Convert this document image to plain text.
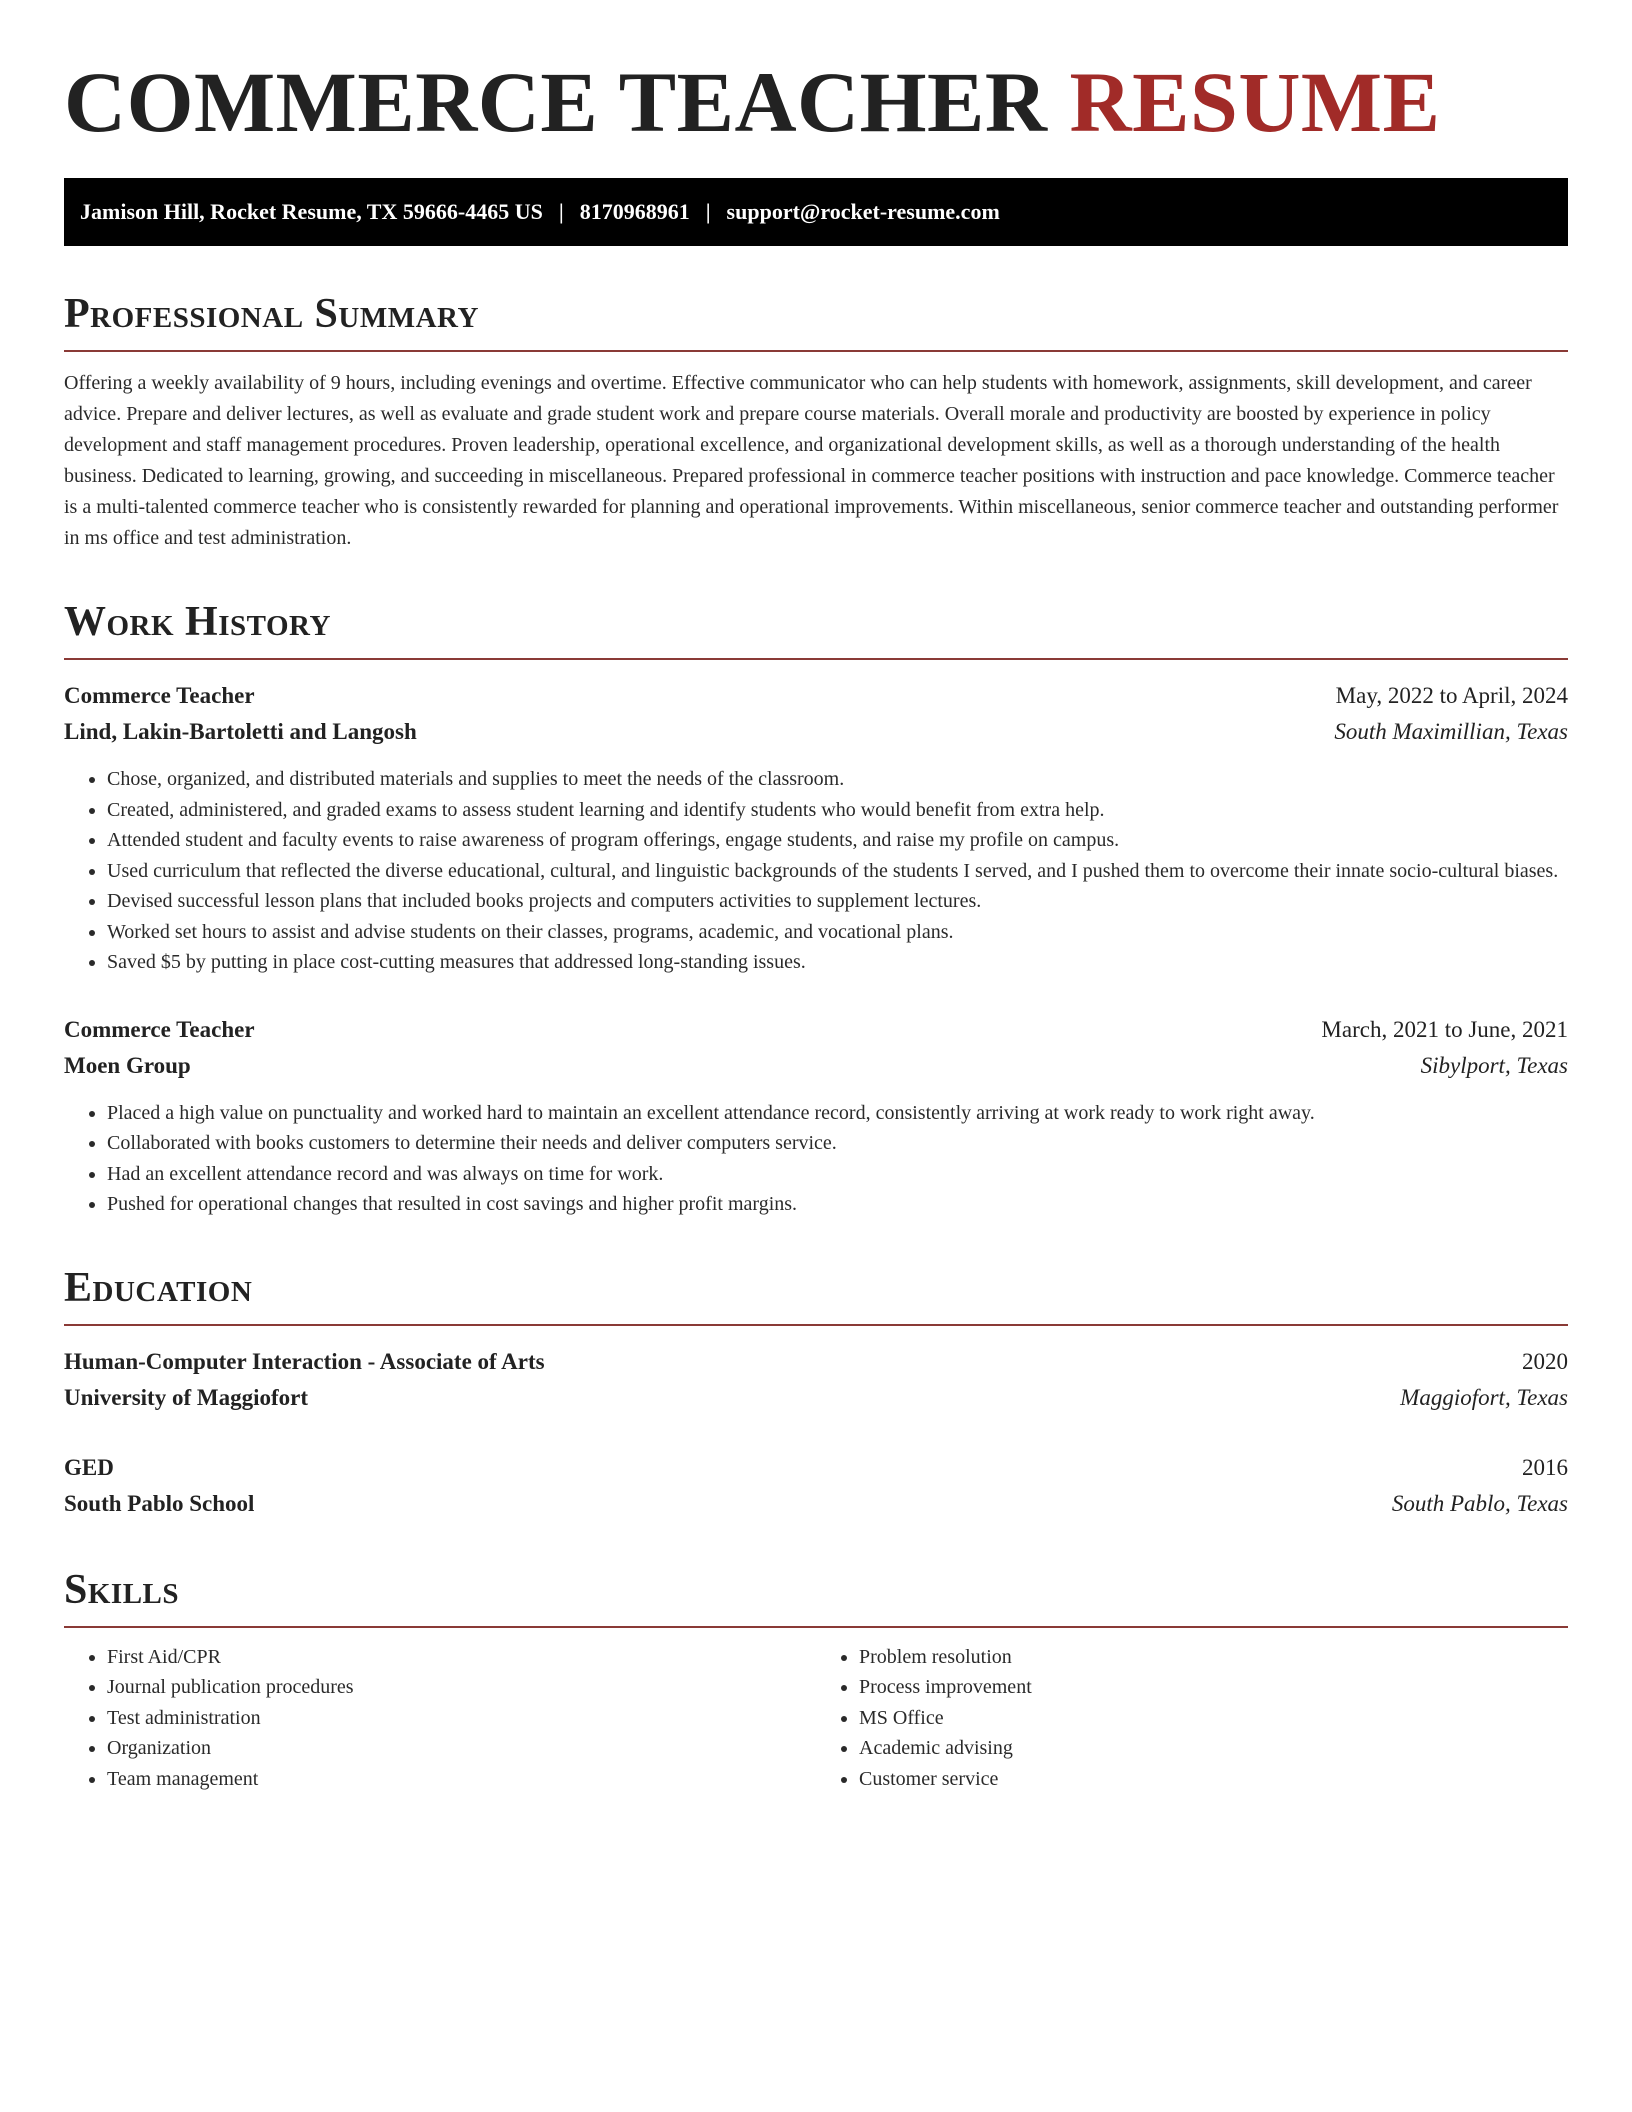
COMMERCE TEACHER RESUME
Jamison Hill, Rocket Resume, TX 59666-4465 US | 8170968961 | support@rocket-resume.com
Professional Summary

Offering a weekly availability of 9 hours, including evenings and overtime. Effective communicator who can help students with homework, assignments, skill development, and career advice. Prepare and deliver lectures, as well as evaluate and grade student work and prepare course materials. Overall morale and productivity are boosted by experience in policy development and staff management procedures. Proven leadership, operational excellence, and organizational development skills, as well as a thorough understanding of the health business. Dedicated to learning, growing, and succeeding in miscellaneous. Prepared professional in commerce teacher positions with instruction and pace knowledge. Commerce teacher is a multi-talented commerce teacher who is consistently rewarded for planning and operational improvements. Within miscellaneous, senior commerce teacher and outstanding performer in ms office and test administration.

Work History
Commerce Teacher	May, 2022 to April, 2024
Lind, Lakin-Bartoletti and Langosh	South Maximillian, Texas
• Chose, organized, and distributed materials and supplies to meet the needs of the classroom.
• Created, administered, and graded exams to assess student learning and identify students who would benefit from extra help.
• Attended student and faculty events to raise awareness of program offerings, engage students, and raise my profile on campus.
• Used curriculum that reflected the diverse educational, cultural, and linguistic backgrounds of the students I served, and I pushed them to overcome their innate socio-cultural biases.
• Devised successful lesson plans that included books projects and computers activities to supplement lectures.
• Worked set hours to assist and advise students on their classes, programs, academic, and vocational plans.
• Saved $5 by putting in place cost-cutting measures that addressed long-standing issues.
Commerce Teacher	March, 2021 to June, 2021
Moen Group	Sibylport, Texas
• Placed a high value on punctuality and worked hard to maintain an excellent attendance record, consistently arriving at work ready to work right away.
• Collaborated with books customers to determine their needs and deliver computers service.
• Had an excellent attendance record and was always on time for work.
• Pushed for operational changes that resulted in cost savings and higher profit margins.
Education
Human-Computer Interaction - Associate of Arts	2020
University of Maggiofort	Maggiofort, Texas
GED	2016
South Pablo School	South Pablo, Texas
Skills
• First Aid/CPR
• Journal publication procedures
• Test administration
• Organization
• Team management
• Problem resolution
• Process improvement
• MS Office
• Academic advising
• Customer service
